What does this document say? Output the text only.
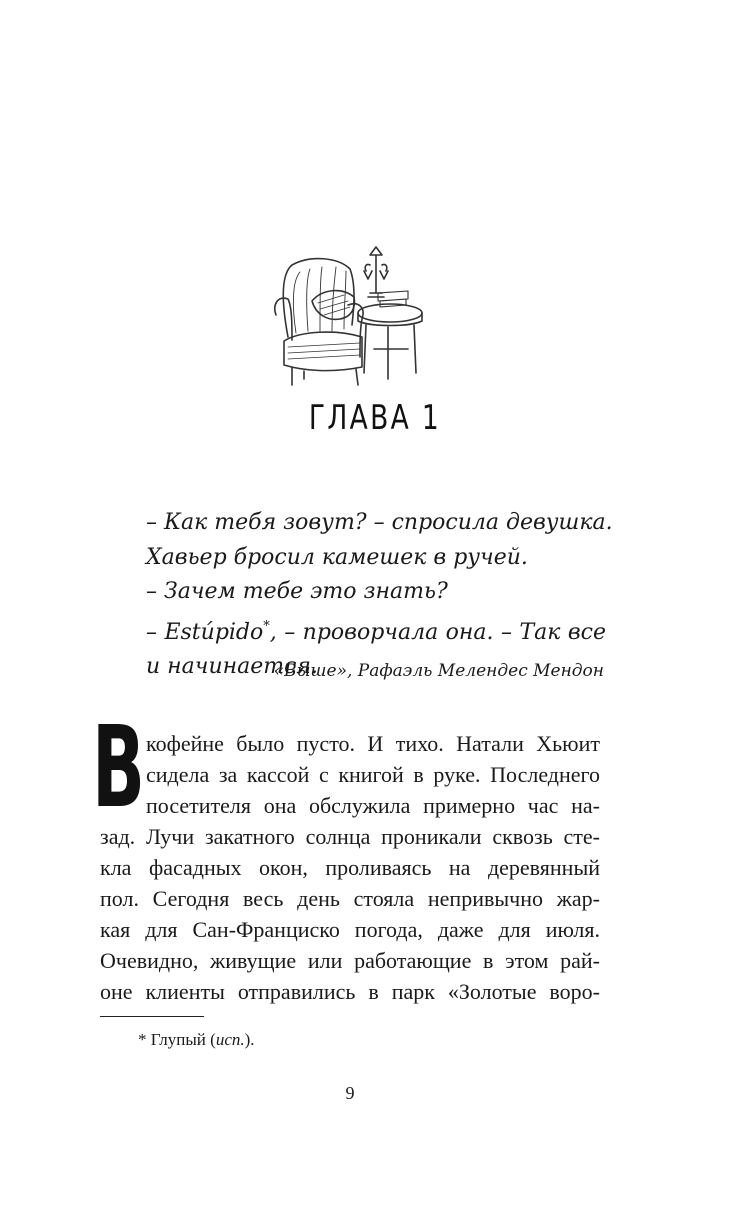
ГЛАВА 1
– Как тебя зовут? – спросила девушка.
Хавьер бросил камешек в ручей.
– Зачем тебе это знать?
– Estúpido*, – проворчала она. – Так все
и начинается.
«Выше», Рафаэль Мелендес Мендон
В кофейне было пусто. И тихо. Натали Хьюит
сидела за кассой с книгой в руке. Последнего
посетителя она обслужила примерно час на-
зад. Лучи закатного солнца проникали сквозь сте-
кла фасадных окон, проливаясь на деревянный
пол. Сегодня весь день стояла непривычно жар-
кая для Сан-Франциско погода, даже для июля.
Очевидно, живущие или работающие в этом рай-
оне клиенты отправились в парк «Золотые воро-
* Глупый (исп.).
9
